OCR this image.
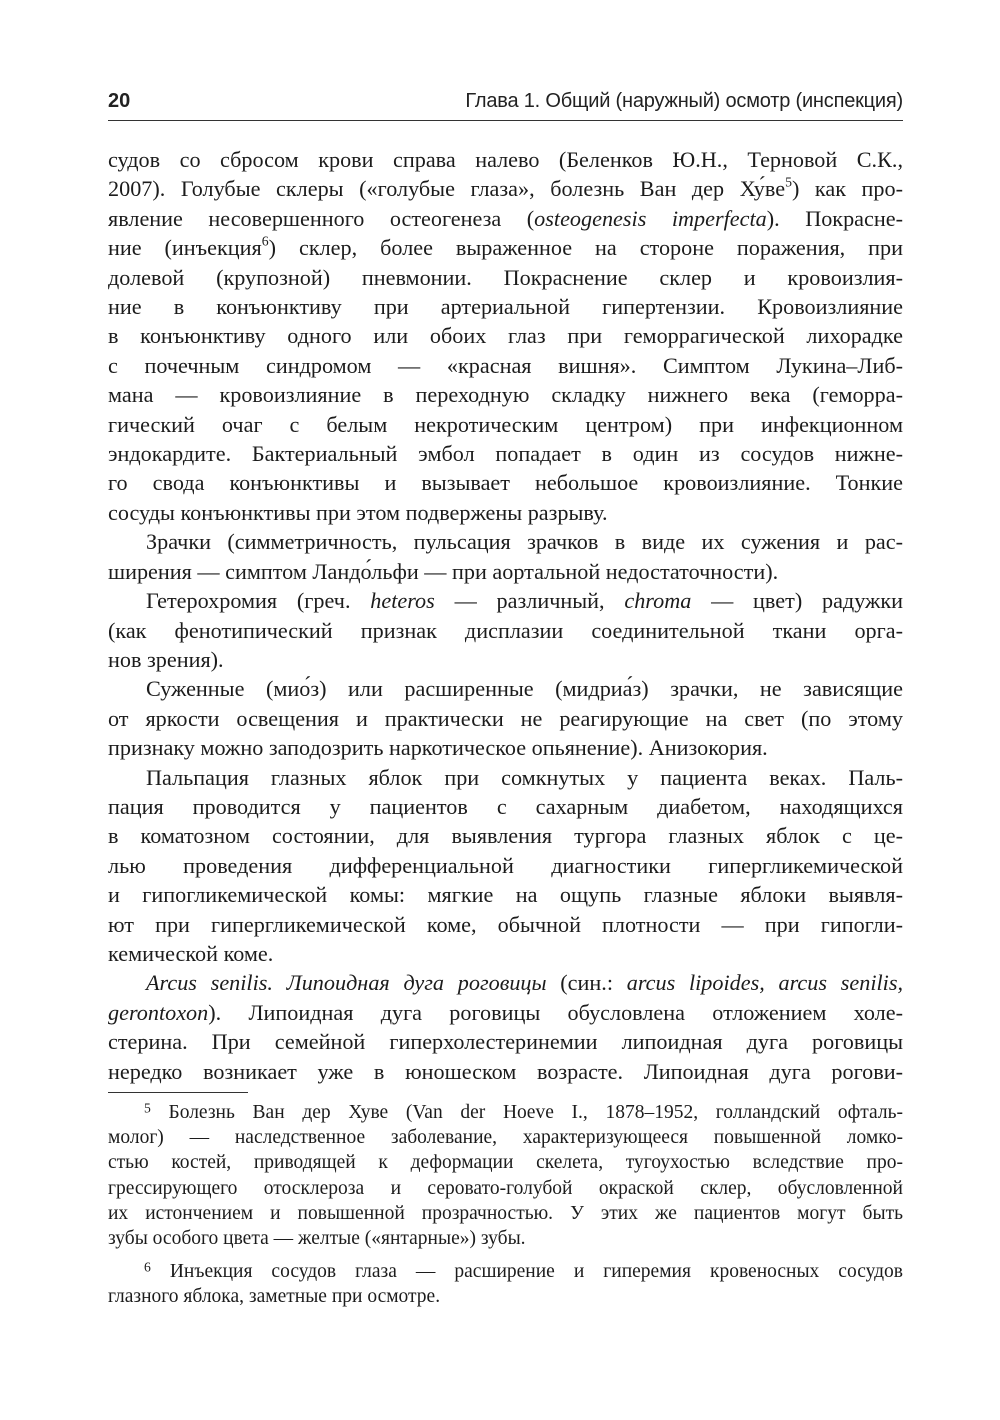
20	Глава 1. Общий (наружный) осмотр (инспекция)

судов со сбросом крови справа налево (Беленков Ю.Н., Терновой С.К.,

2007). Голубые склеры («голубые глаза», болезнь Ван дер $Ху́ве^5$) как про-

явление несовершенного остеогенеза (osteogenesis imperfecta). Покрасне-

ние (инъекция$^6$) склер, более выраженное на стороне поражения, при

долевой (крупозной) пневмонии. Покраснение склер и кровоизлия-

ние в конъюнктиву при артериальной гипертензии. Кровоизлияние

в конъюнктиву одного или обоих глаз при геморрагической лихорадке

с почечным синдромом — «красная вишня». Симптом Лукина–Либ-

мана — кровоизлияние в переходную складку нижнего века (геморра-

гический очаг с белым некротическим центром) при инфекционном

эндокардите. Бактериальный эмбол попадает в один из сосудов нижне-

го свода конъюнктивы и вызывает небольшое кровоизлияние. Тонкие

сосуды конъюнктивы при этом подвержены разрыву.

Зрачки (симметричность, пульсация зрачков в виде их сужения и рас-

ширения — симптом Ландо́льфи — при аортальной недостаточности).

Гетерохромия (греч. heteros — различный, chroma — цвет) радужки

(как фенотипический признак дисплазии соединительной ткани орга-

нов зрения).

Суженные (мио́з) или расширенные (мидриа́з) зрачки, не зависящие

от яркости освещения и практически не реагирующие на свет (по этому

признаку можно заподозрить наркотическое опьянение). Анизокория.

Пальпация глазных яблок при сомкнутых у пациента веках. Паль-

пация проводится у пациентов с сахарным диабетом, находящихся

в коматозном состоянии, для выявления тургора глазных яблок с це-

лью проведения дифференциальной диагностики гипергликемической

и гипогликемической комы: мягкие на ощупь глазные яблоки выявля-

ют при гипергликемической коме, обычной плотности — при гипогли-

кемической коме.

Arcus senilis. Липоидная дуга роговицы (син.: arcus lipoides, arcus senilis,

gerontoxon). Липоидная дуга роговицы обусловлена отложением холе-

стерина. При семейной гиперхолестеринемии липоидная дуга роговицы

нередко возникает уже в юношеском возрасте. Липоидная дуга рогови-

$^5$ Болезнь Ван дер Хуве (Van der Hoeve I., 1878–1952, голландский офталь-

молог) — наследственное заболевание, характеризующееся повышенной ломко-

стью костей, приводящей к деформации скелета, тугоухостью вследствие про-

грессирующего отосклероза и серовато-голубой окраской склер, обусловленной

их истончением и повышенной прозрачностью. У этих же пациентов могут быть

зубы особого цвета — желтые («янтарные») зубы.

$^6$ Инъекция сосудов глаза — расширение и гиперемия кровеносных сосудов

глазного яблока, заметные при осмотре.
